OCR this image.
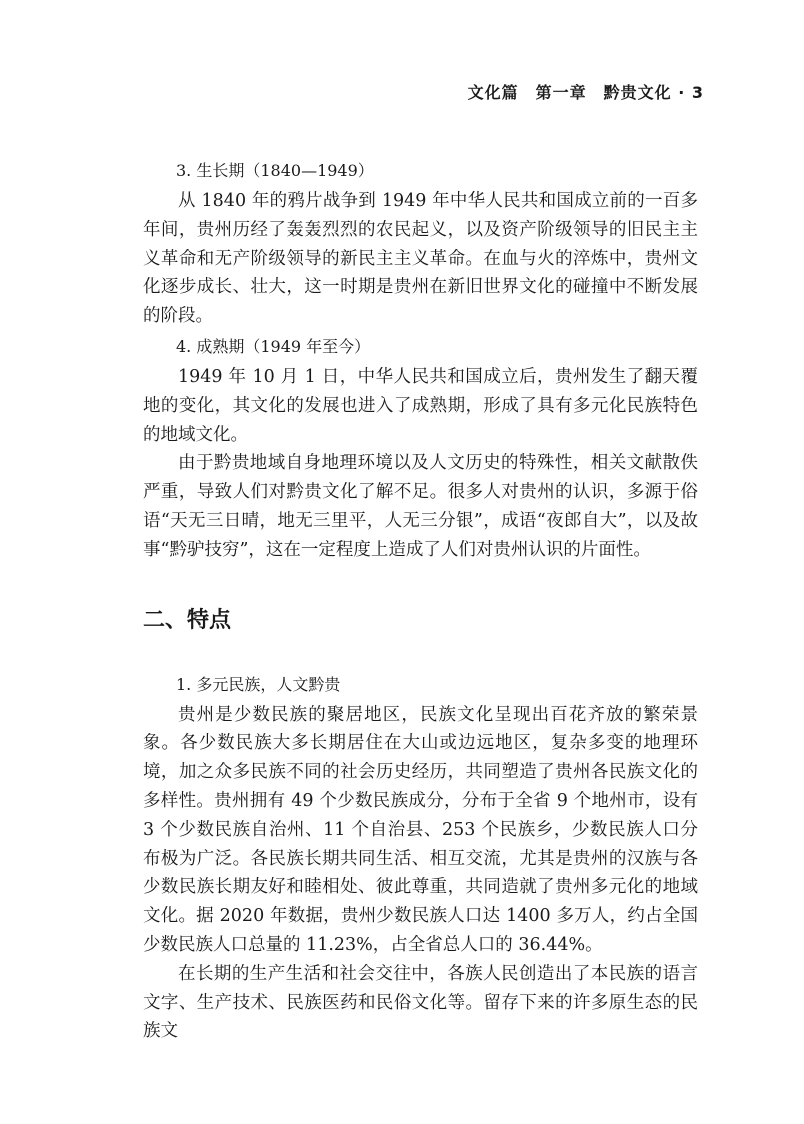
文化篇　第一章　黔贵文化 · 3

3. 生长期（1840—1949）

从 1840 年的鸦片战争到 1949 年中华人民共和国成立前的一百多年间，贵州历经了轰轰烈烈的农民起义，以及资产阶级领导的旧民主主义革命和无产阶级领导的新民主主义革命。在血与火的淬炼中，贵州文化逐步成长、壮大，这一时期是贵州在新旧世界文化的碰撞中不断发展的阶段。

4. 成熟期（1949 年至今）

1949 年 10 月 1 日，中华人民共和国成立后，贵州发生了翻天覆地的变化，其文化的发展也进入了成熟期，形成了具有多元化民族特色的地域文化。

由于黔贵地域自身地理环境以及人文历史的特殊性，相关文献散佚严重，导致人们对黔贵文化了解不足。很多人对贵州的认识，多源于俗语“天无三日晴，地无三里平，人无三分银”，成语“夜郎自大”，以及故事“黔驴技穷”，这在一定程度上造成了人们对贵州认识的片面性。

二、特点

1. 多元民族，人文黔贵

贵州是少数民族的聚居地区，民族文化呈现出百花齐放的繁荣景象。各少数民族大多长期居住在大山或边远地区，复杂多变的地理环境，加之众多民族不同的社会历史经历，共同塑造了贵州各民族文化的多样性。贵州拥有 49 个少数民族成分，分布于全省 9 个地州市，设有 3 个少数民族自治州、11 个自治县、253 个民族乡，少数民族人口分布极为广泛。各民族长期共同生活、相互交流，尤其是贵州的汉族与各少数民族长期友好和睦相处、彼此尊重，共同造就了贵州多元化的地域文化。据 2020 年数据，贵州少数民族人口达 1400 多万人，约占全国少数民族人口总量的 11.23%，占全省总人口的 36.44%。

在长期的生产生活和社会交往中，各族人民创造出了本民族的语言文字、生产技术、民族医药和民俗文化等。留存下来的许多原生态的民族文
